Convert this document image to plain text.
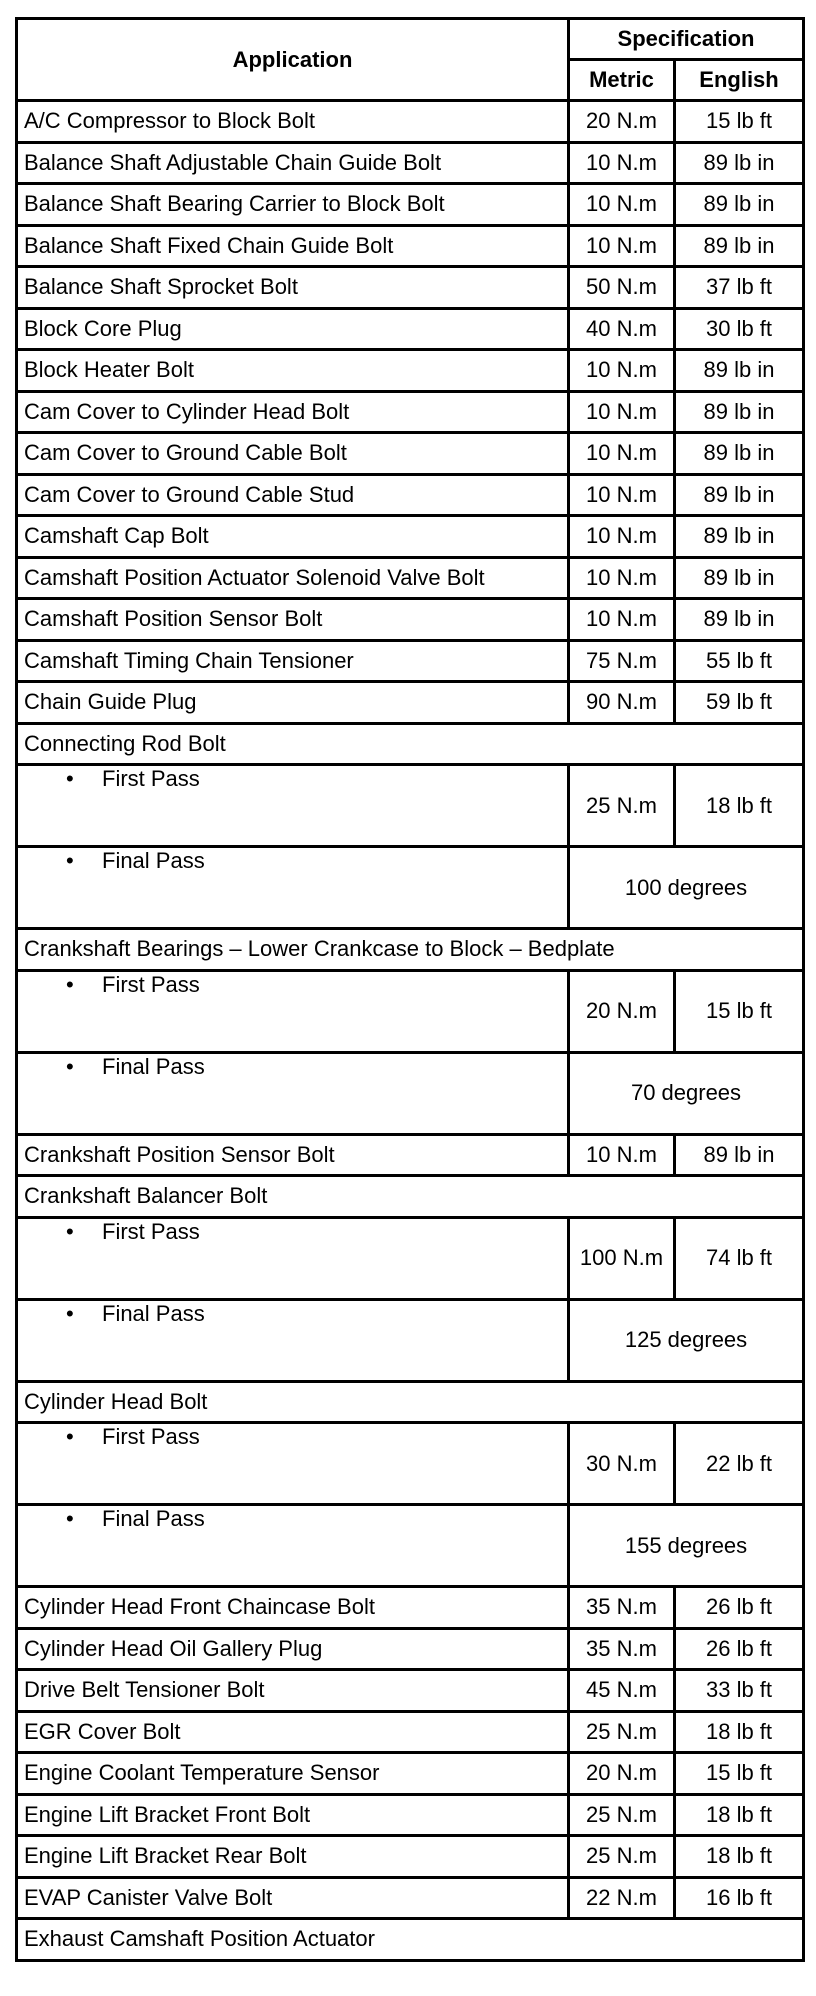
Application	Specification	
	Metric	English
A/C Compressor to Block Bolt	20 N.m	15 lb ft
Balance Shaft Adjustable Chain Guide Bolt	10 N.m	89 lb in
Balance Shaft Bearing Carrier to Block Bolt	10 N.m	89 lb in
Balance Shaft Fixed Chain Guide Bolt	10 N.m	89 lb in
Balance Shaft Sprocket Bolt	50 N.m	37 lb ft
Block Core Plug	40 N.m	30 lb ft
Block Heater Bolt	10 N.m	89 lb in
Cam Cover to Cylinder Head Bolt	10 N.m	89 lb in
Cam Cover to Ground Cable Bolt	10 N.m	89 lb in
Cam Cover to Ground Cable Stud	10 N.m	89 lb in
Camshaft Cap Bolt	10 N.m	89 lb in
Camshaft Position Actuator Solenoid Valve Bolt	10 N.m	89 lb in
Camshaft Position Sensor Bolt	10 N.m	89 lb in
Camshaft Timing Chain Tensioner	75 N.m	55 lb ft
Chain Guide Plug	90 N.m	59 lb ft
Connecting Rod Bolt		
• First Pass	25 N.m	18 lb ft
• Final Pass	100 degrees	
Crankshaft Bearings – Lower Crankcase to Block – Bedplate		
• First Pass	20 N.m	15 lb ft
• Final Pass	70 degrees	
Crankshaft Position Sensor Bolt	10 N.m	89 lb in
Crankshaft Balancer Bolt		
• First Pass	100 N.m	74 lb ft
• Final Pass	125 degrees	
Cylinder Head Bolt		
• First Pass	30 N.m	22 lb ft
• Final Pass	155 degrees	
Cylinder Head Front Chaincase Bolt	35 N.m	26 lb ft
Cylinder Head Oil Gallery Plug	35 N.m	26 lb ft
Drive Belt Tensioner Bolt	45 N.m	33 lb ft
EGR Cover Bolt	25 N.m	18 lb ft
Engine Coolant Temperature Sensor	20 N.m	15 lb ft
Engine Lift Bracket Front Bolt	25 N.m	18 lb ft
Engine Lift Bracket Rear Bolt	25 N.m	18 lb ft
EVAP Canister Valve Bolt	22 N.m	16 lb ft
Exhaust Camshaft Position Actuator		
